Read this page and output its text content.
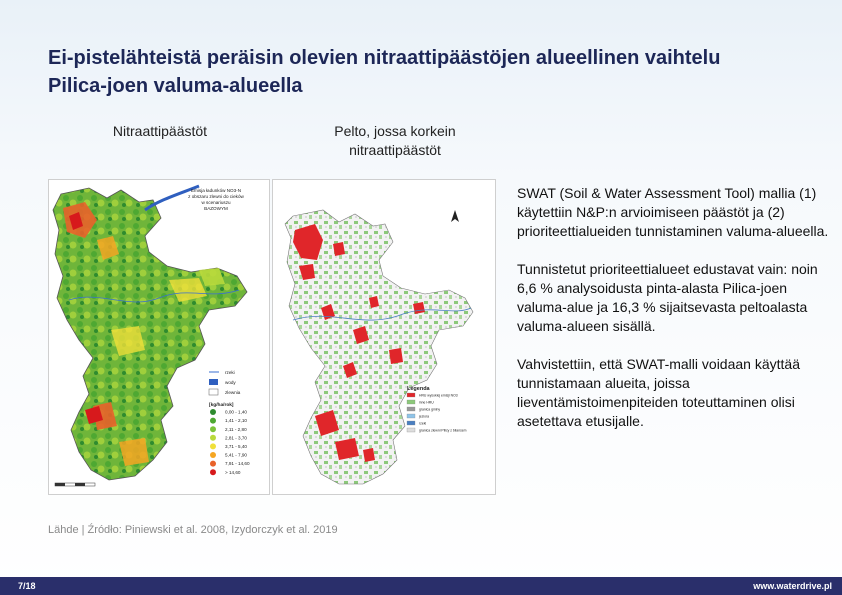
Ei-pistelähteistä peräisin olevien nitraattipäästöjen alueellinen vaihtelu
Pilica-joen valuma-alueella
Nitraattipäästöt	Pelto, jossa korkein
nitraattipäästöt
Emisja ładunków NO3-N
z obszaru zlewni do cieków
w scenariuszu
BAZOWYM
rzeki
wody
zlewnia
[kg/ha/rok]
0,00 - 1,40
1,41 - 2,10
2,11 - 2,80
2,81 - 3,70
3,71 - 5,40
5,41 - 7,90
7,91 - 14,60
> 14,60
Legenda
HRU wysokiej emisji NO3
inne HRU
granica gminy
jeziora
rzeki
granica zlewni Pilicy z bilansem

SWAT (Soil & Water Assessment Tool) mallia (1) käytettiin N&P:n arvioimiseen päästöt ja (2) prioriteettialueiden tunnistaminen valuma-alueella.

Tunnistetut prioriteettialueet edustavat vain: noin 6,6 % analysoidusta pinta-alasta Pilica-joen valuma-alue ja 16,3 % sijaitsevasta peltoalasta valuma-alueen sisällä.

Vahvistettiin, että SWAT-malli voidaan käyttää tunnistamaan alueita, joissa lieventämistoimenpiteiden toteuttaminen olisi asetettava etusijalle.

Lähde | Źródło: Piniewski et al. 2008, Izydorczyk et al. 2019
7/18	www.waterdrive.pl
